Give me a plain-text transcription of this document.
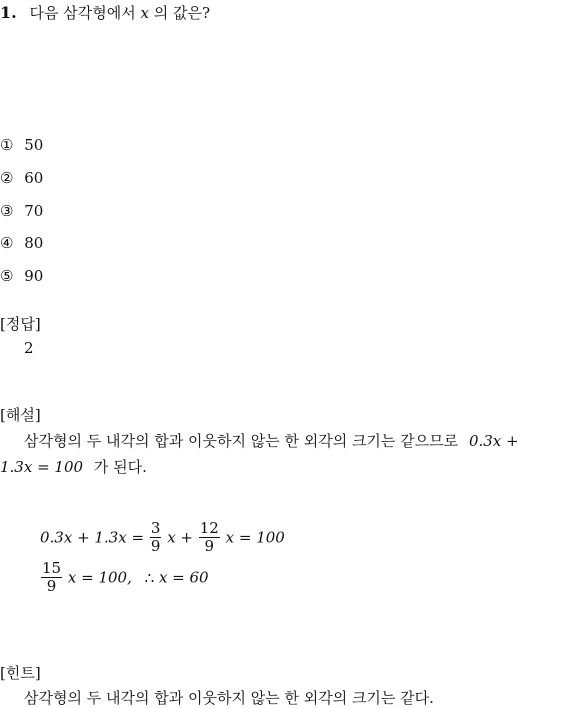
1. 다음 삼각형에서 x 의 값은?
① 50
② 60
③ 70
④ 80
⑤ 90
[정답]
2
[해설]
삼각형의 두 내각의 합과 이웃하지 않는 한 외각의 크기는 같으므로 0.3x +
1.3x = 100 가 된다.
$0.3x + 1.3x = \frac{3}{9}$ $x + \frac{12}{9}$ x = 100
$\frac{15}{9}$ x = 100, ∴ x = 60
[힌트]
삼각형의 두 내각의 합과 이웃하지 않는 한 외각의 크기는 같다.
